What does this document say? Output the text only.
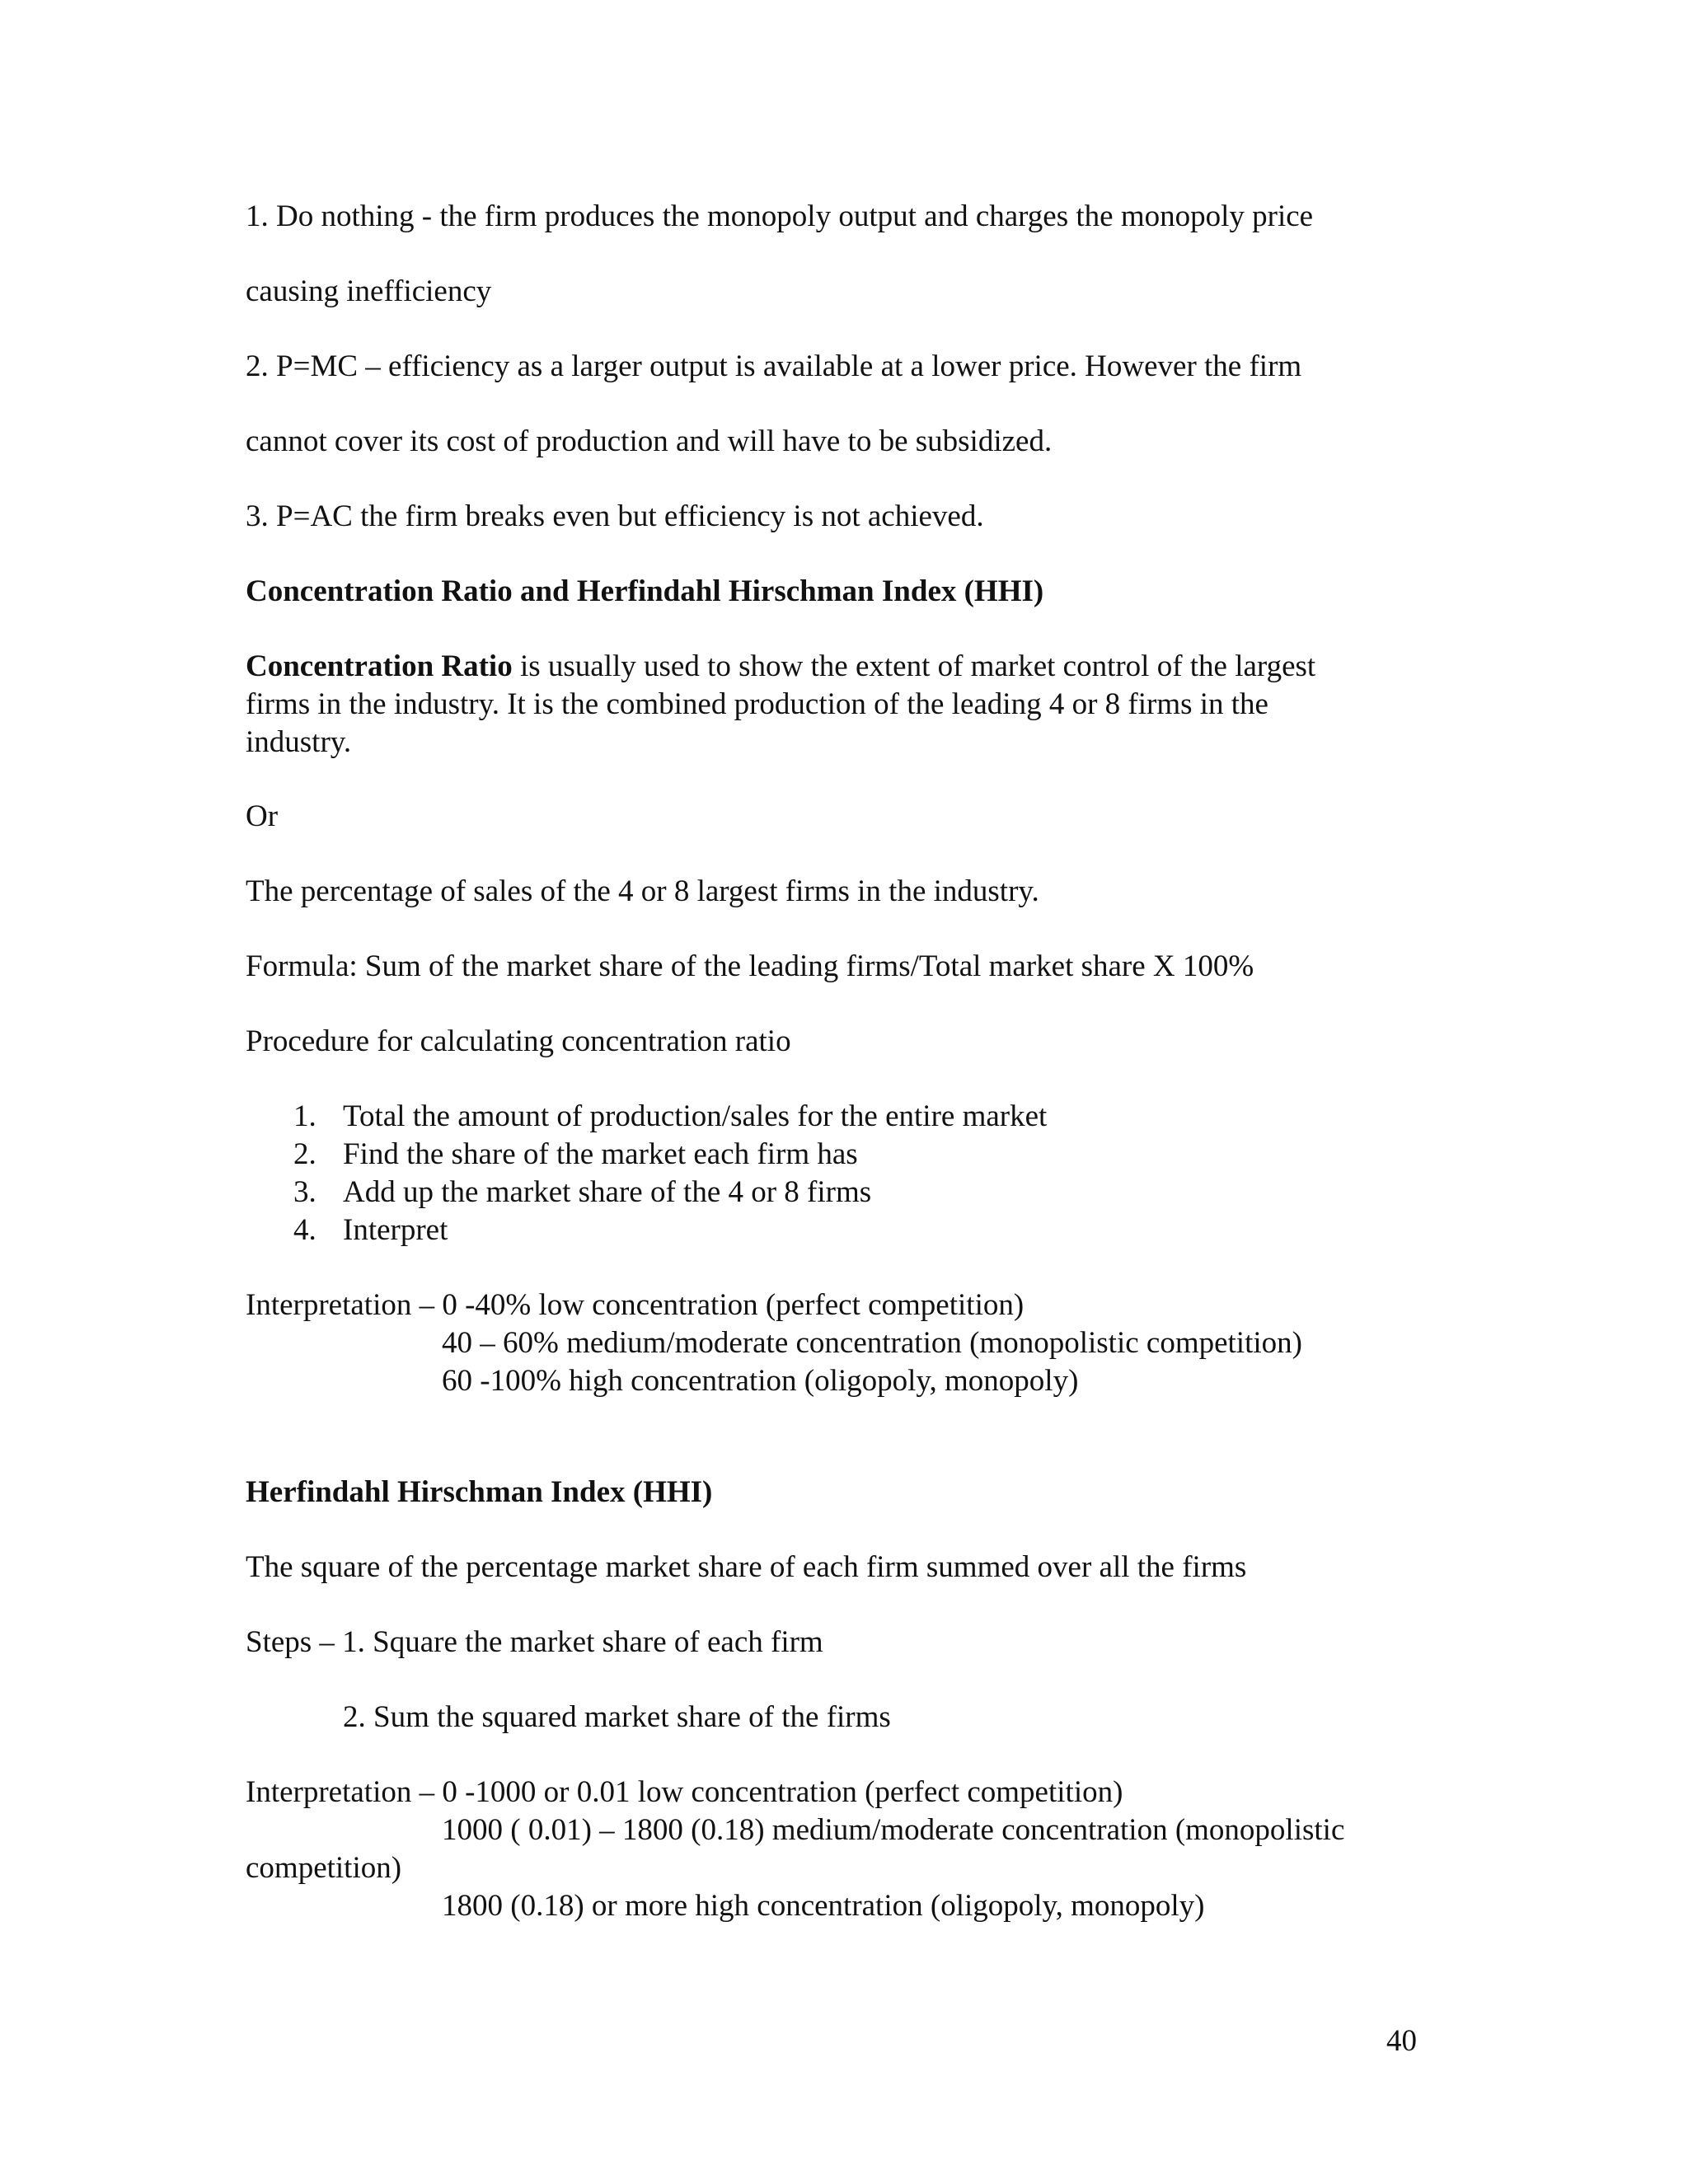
1. Do nothing - the firm produces the monopoly output and charges the monopoly price
causing inefficiency
2. P=MC – efficiency as a larger output is available at a lower price. However the firm
cannot cover its cost of production and will have to be subsidized.
3. P=AC the firm breaks even but efficiency is not achieved.
Concentration Ratio and Herfindahl Hirschman Index (HHI)
Concentration Ratio is usually used to show the extent of market control of the largest
firms in the industry. It is the combined production of the leading 4 or 8 firms in the
industry.
Or
The percentage of sales of the 4 or 8 largest firms in the industry.
Formula: Sum of the market share of the leading firms/Total market share X 100%
Procedure for calculating concentration ratio
1. Total the amount of production/sales for the entire market
2. Find the share of the market each firm has
3. Add up the market share of the 4 or 8 firms
4. Interpret
Interpretation – 0 -40% low concentration (perfect competition)
40 – 60% medium/moderate concentration (monopolistic competition)
60 -100% high concentration (oligopoly, monopoly)
Herfindahl Hirschman Index (HHI)
The square of the percentage market share of each firm summed over all the firms
Steps – 1. Square the market share of each firm
2. Sum the squared market share of the firms
Interpretation – 0 -1000 or 0.01 low concentration (perfect competition)
1000 ( 0.01) – 1800 (0.18) medium/moderate concentration (monopolistic
competition)
1800 (0.18) or more high concentration (oligopoly, monopoly)
40
